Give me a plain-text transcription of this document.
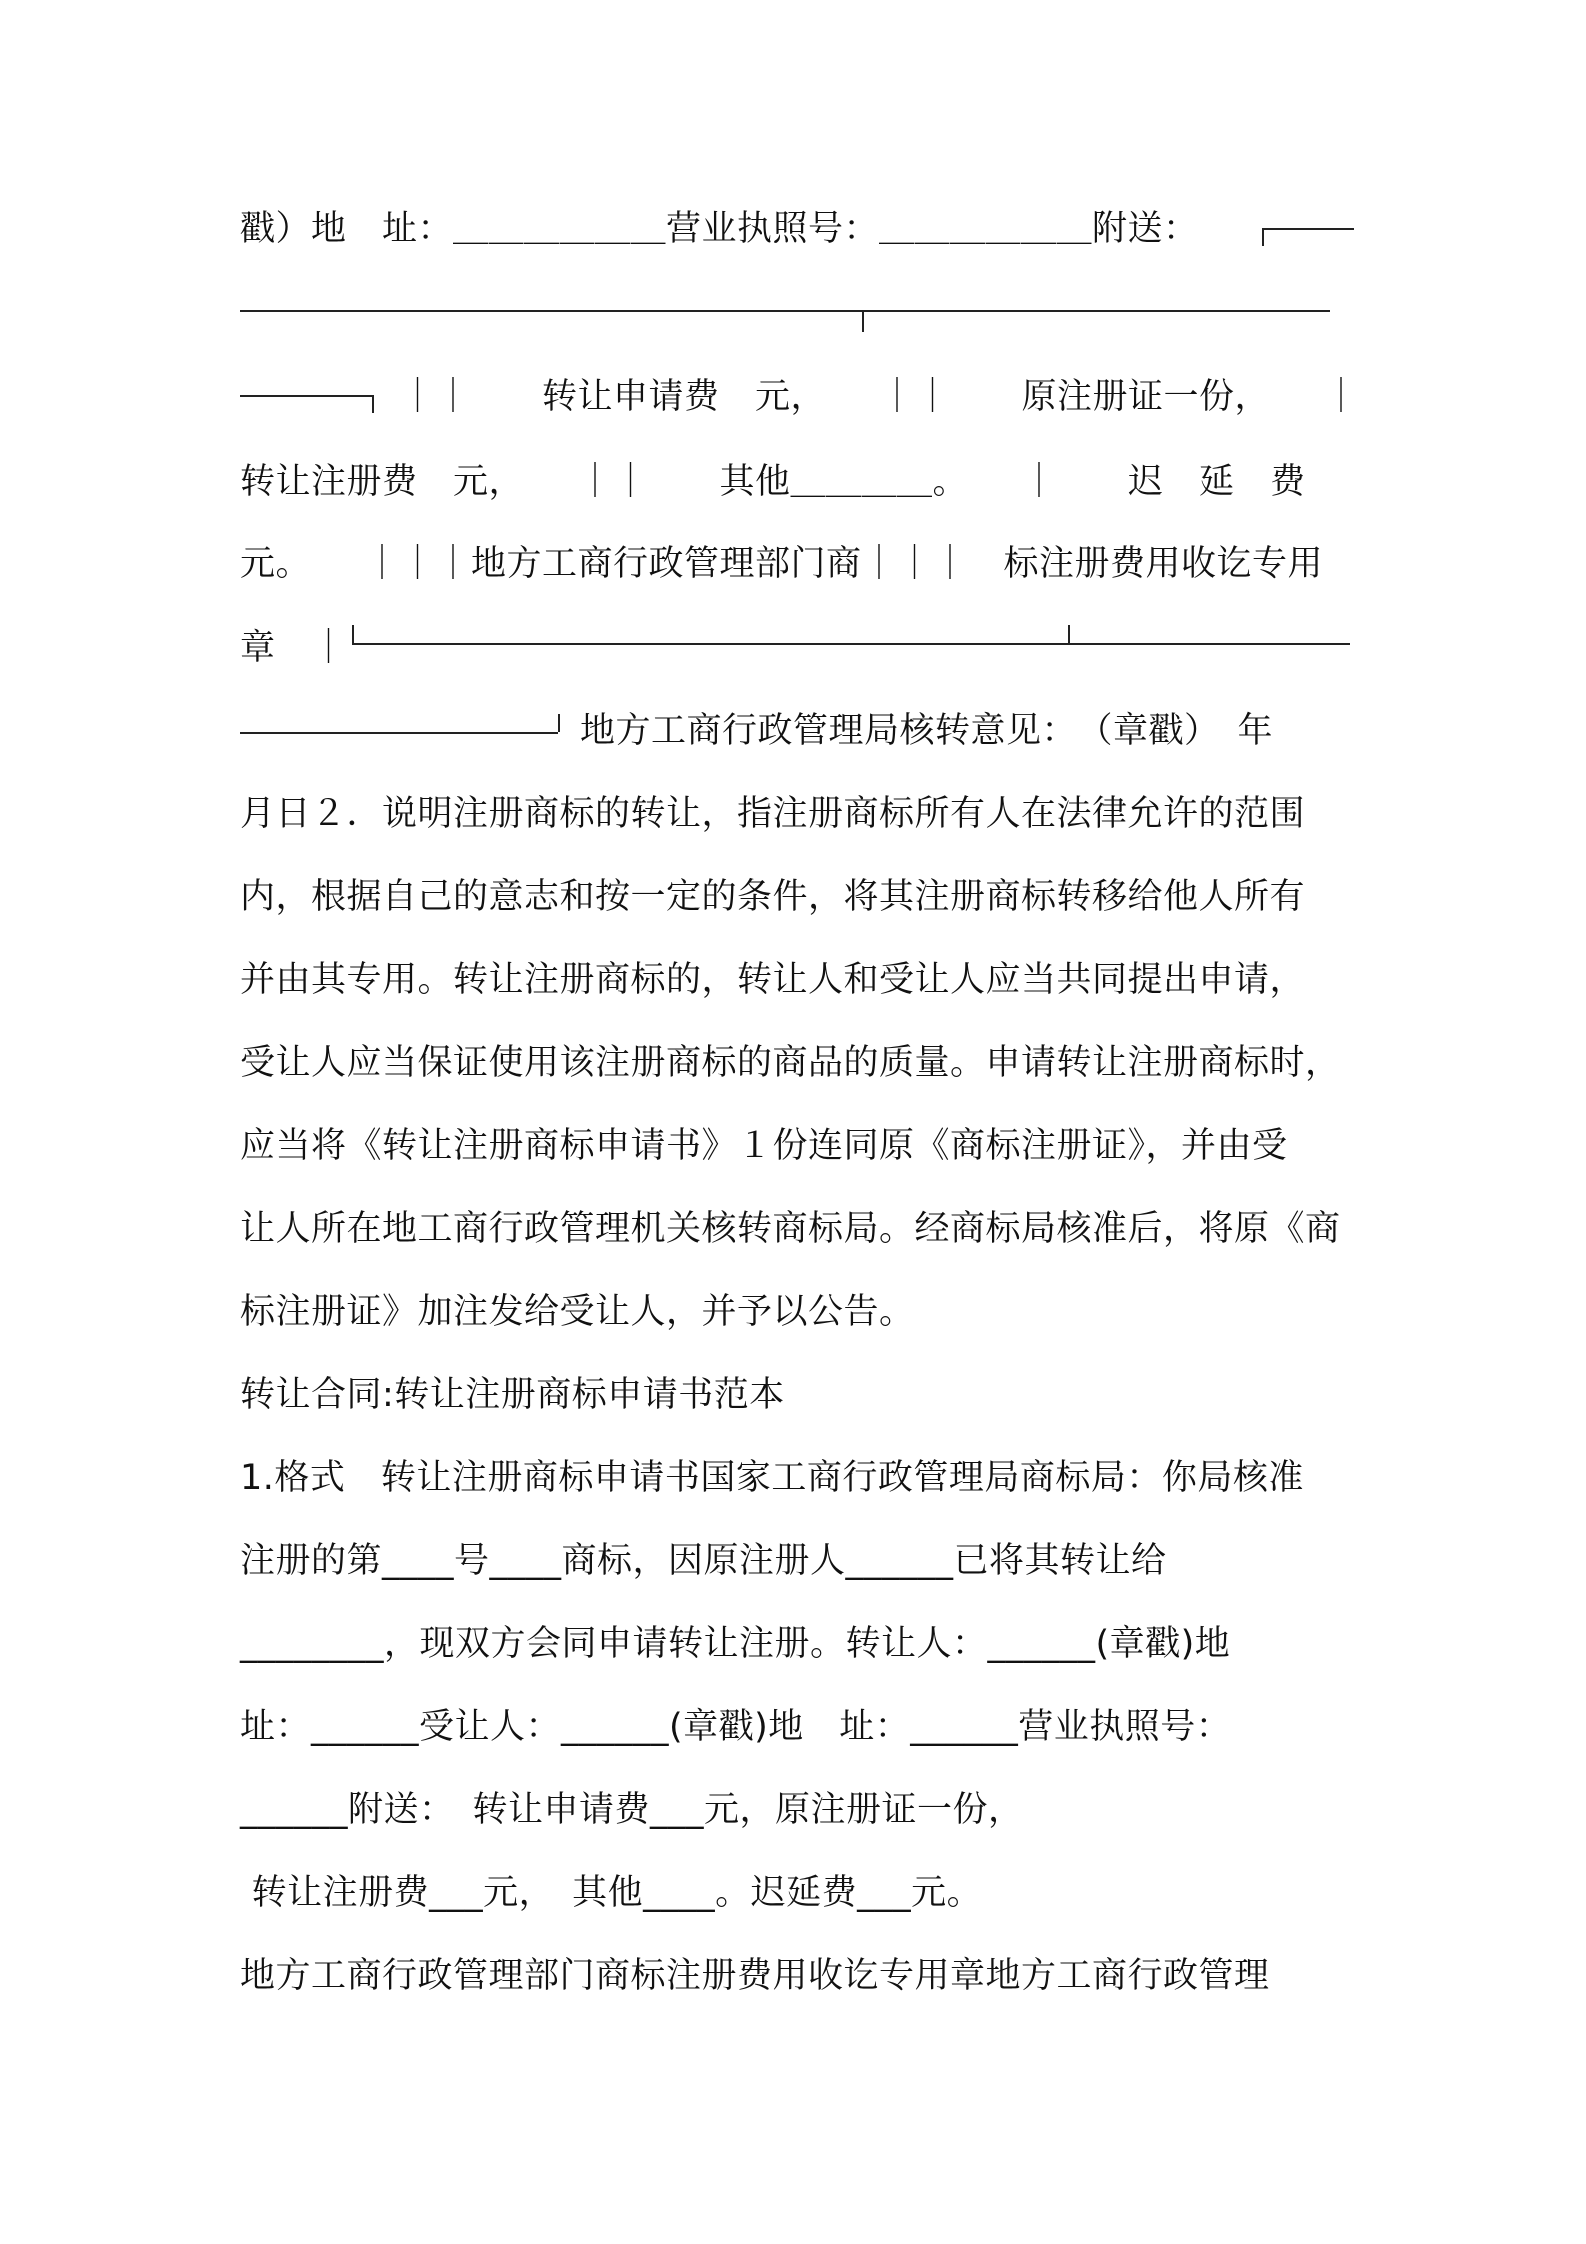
戳）地　址：＿＿＿＿＿＿营业执照号：＿＿＿＿＿＿附送：
｜｜　　转让申请费　元，　　｜｜　　原注册证一份，　　｜
转让注册费　元，　　｜｜　　其他＿＿＿＿。　　｜　　迟　延　费
元。　　｜｜｜地方工商行政管理部门商｜｜｜　标注册费用收讫专用
章　｜
地方工商行政管理局核转意见：　（章戳）　年
月日２．说明注册商标的转让，指注册商标所有人在法律允许的范围
内，根据自己的意志和按一定的条件，将其注册商标转移给他人所有
并由其专用。转让注册商标的，转让人和受让人应当共同提出申请，
受让人应当保证使用该注册商标的商品的质量。申请转让注册商标时，
应当将《转让注册商标申请书》１份连同原《商标注册证》，并由受
让人所在地工商行政管理机关核转商标局。经商标局核准后，将原《商
标注册证》加注发给受让人，并予以公告。
转让合同:转让注册商标申请书范本
1.格式　转让注册商标申请书国家工商行政管理局商标局：你局核准
注册的第____号____商标，因原注册人______已将其转让给
________，现双方会同申请转让注册。转让人：______(章戳)地
址：______受让人：______(章戳)地　址：______营业执照号：
______附送：　转让申请费___元，原注册证一份，
转让注册费___元，　其他____。迟延费___元。
地方工商行政管理部门商标注册费用收讫专用章地方工商行政管理
